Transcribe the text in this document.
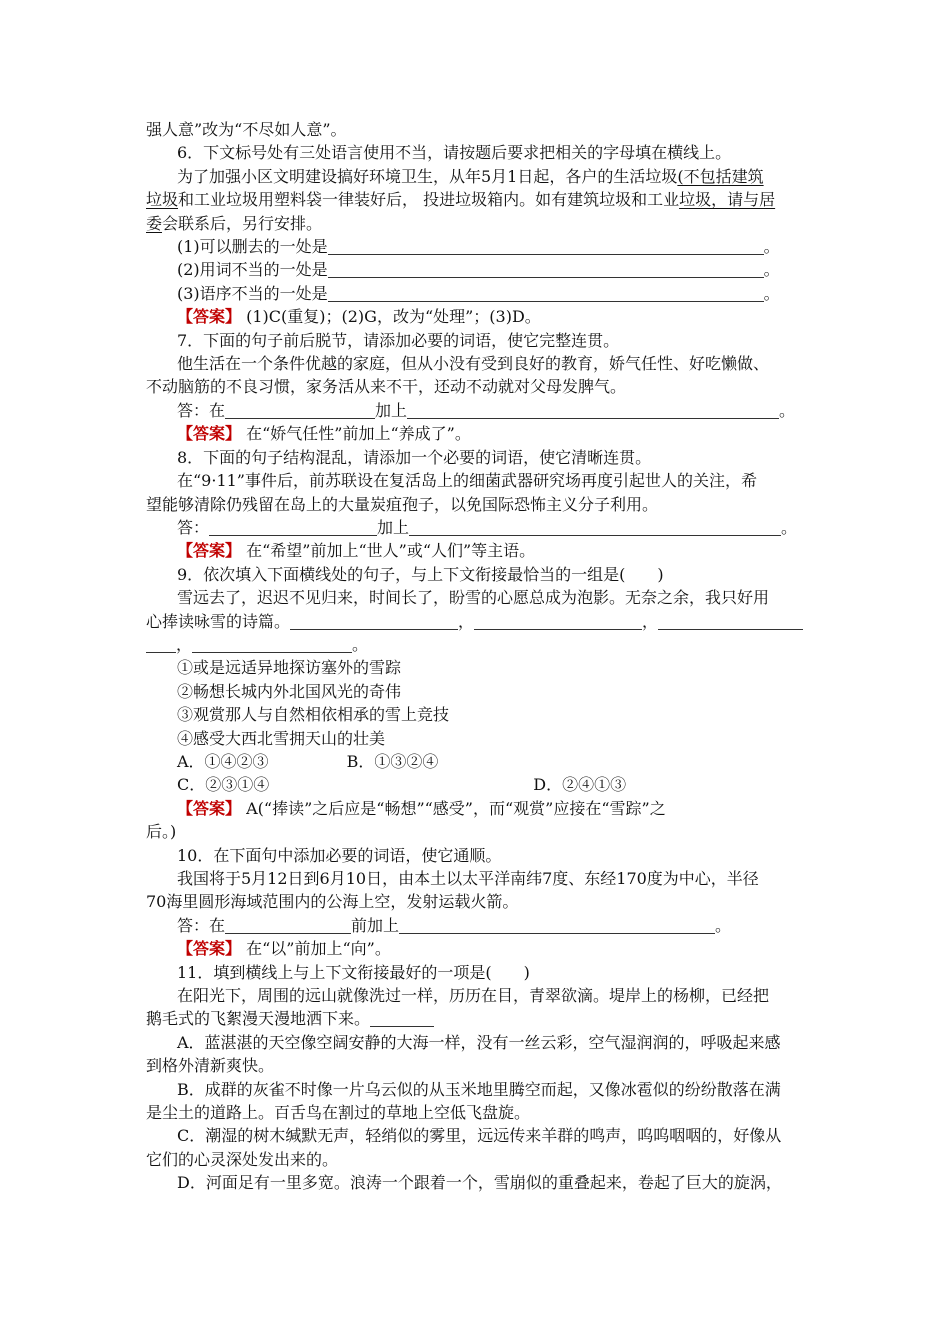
强人意”改为“不尽如人意”。
6．下文标号处有三处语言使用不当，请按题后要求把相关的字母填在横线上。
为了加强小区文明建设搞好环境卫生，从年5月1日起，各户的生活垃圾(不包括建筑
垃圾和工业垃圾用塑料袋一律装好后， 投进垃圾箱内。如有建筑垃圾和工业垃圾，请与居
委会联系后，另行安排。
(1)可以删去的一处是	。
(2)用词不当的一处是	。
(3)语序不当的一处是	。
【答案】 (1)C(重复)；(2)G，改为“处理”；(3)D。
7．下面的句子前后脱节，请添加必要的词语，使它完整连贯。
他生活在一个条件优越的家庭，但从小没有受到良好的教育，娇气任性、好吃懒做、
不动脑筋的不良习惯，家务活从来不干，还动不动就对父母发脾气。
答：在	加上	。
【答案】 在“娇气任性”前加上“养成了”。
8．下面的句子结构混乱，请添加一个必要的词语，使它清晰连贯。
在“9·11”事件后，前苏联设在复活岛上的细菌武器研究场再度引起世人的关注，希
望能够清除仍残留在岛上的大量炭疽孢子，以免国际恐怖主义分子利用。
答：	加上	。
【答案】 在“希望”前加上“世人”或“人们”等主语。
9．依次填入下面横线处的句子，与上下文衔接最恰当的一组是(　　)
雪远去了，迟迟不见归来，时间长了，盼雪的心愿总成为泡影。无奈之余，我只好用
心捧读咏雪的诗篇。	，	，
，	。
①或是远适异地探访塞外的雪踪
②畅想长城内外北国风光的奇伟
③观赏那人与自然相依相承的雪上竞技
④感受大西北雪拥天山的壮美
A．①④②③	B．①③②④
C．②③①④	D．②④①③
【答案】 A(“捧读”之后应是“畅想”“感受”，而“观赏”应接在“雪踪”之
后。)
10．在下面句中添加必要的词语，使它通顺。
我国将于5月12日到6月10日，由本土以太平洋南纬7度、东经170度为中心，半径
70海里圆形海域范围内的公海上空，发射运载火箭。
答：在	前加上	。
【答案】 在“以”前加上“向”。
11．填到横线上与上下文衔接最好的一项是(　　)
在阳光下，周围的远山就像洗过一样，历历在目，青翠欲滴。堤岸上的杨柳，已经把
鹅毛式的飞絮漫天漫地洒下来。
A．蓝湛湛的天空像空阔安静的大海一样，没有一丝云彩，空气湿润润的，呼吸起来感
到格外清新爽快。
B．成群的灰雀不时像一片乌云似的从玉米地里腾空而起，又像冰雹似的纷纷散落在满
是尘土的道路上。百舌鸟在割过的草地上空低飞盘旋。
C．潮湿的树木缄默无声，轻绡似的雾里，远远传来羊群的鸣声，呜呜咽咽的，好像从
它们的心灵深处发出来的。
D．河面足有一里多宽。浪涛一个跟着一个，雪崩似的重叠起来，卷起了巨大的旋涡，
